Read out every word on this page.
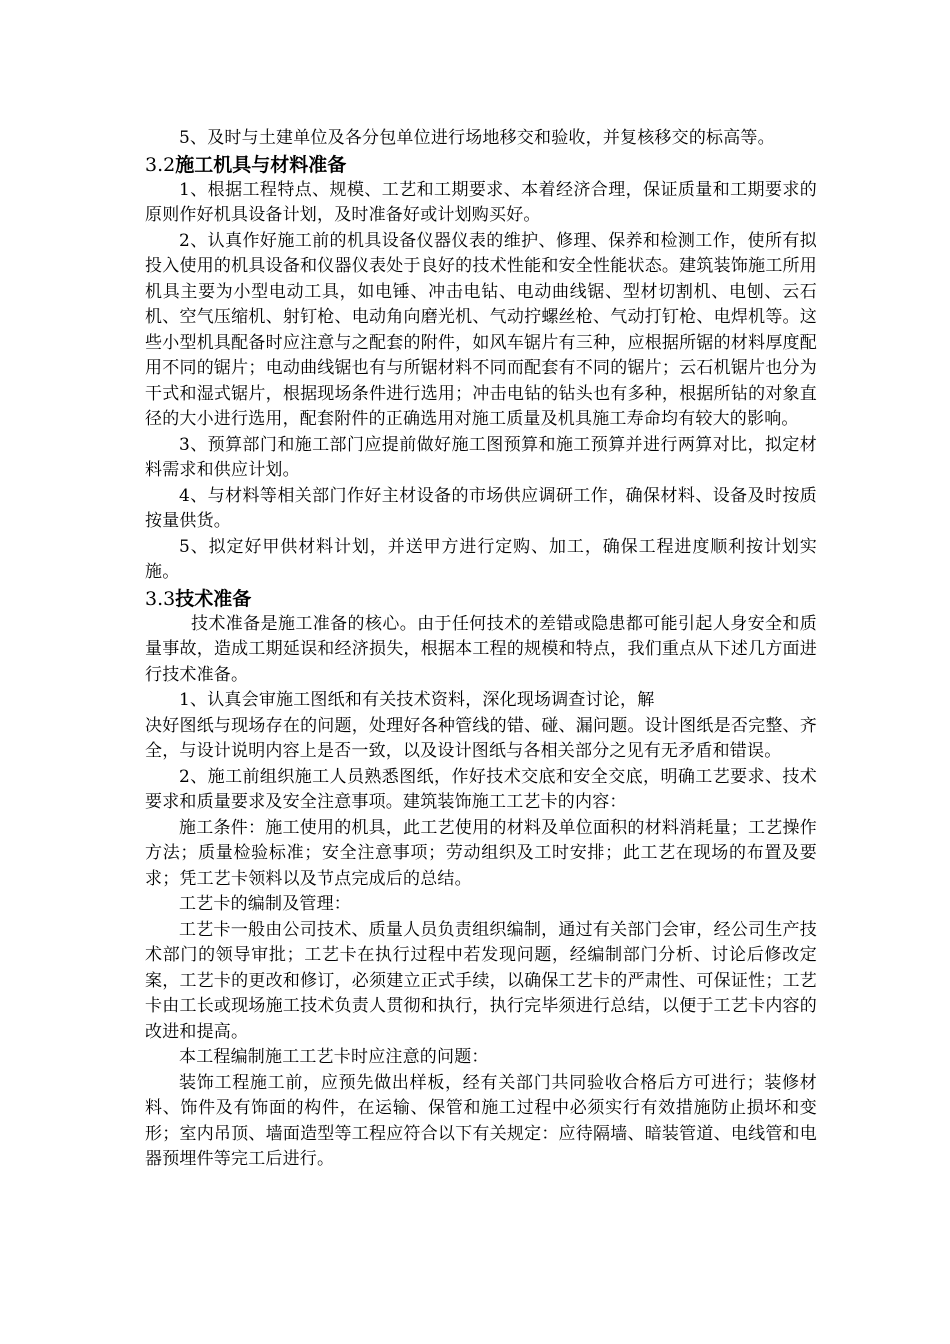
5、及时与土建单位及各分包单位进行场地移交和验收，并复核移交的标高等。

3.2施工机具与材料准备

1、根据工程特点、规模、工艺和工期要求、本着经济合理，保证质量和工期要求的原则作好机具设备计划，及时准备好或计划购买好。

2、认真作好施工前的机具设备仪器仪表的维护、修理、保养和检测工作，使所有拟投入使用的机具设备和仪器仪表处于良好的技术性能和安全性能状态。建筑装饰施工所用机具主要为小型电动工具，如电锤、冲击电钻、电动曲线锯、型材切割机、电刨、云石机、空气压缩机、射钉枪、电动角向磨光机、气动拧螺丝枪、气动打钉枪、电焊机等。这些小型机具配备时应注意与之配套的附件，如风车锯片有三种，应根据所锯的材料厚度配用不同的锯片；电动曲线锯也有与所锯材料不同而配套有不同的锯片；云石机锯片也分为干式和湿式锯片，根据现场条件进行选用；冲击电钻的钻头也有多种，根据所钻的对象直径的大小进行选用，配套附件的正确选用对施工质量及机具施工寿命均有较大的影响。

3、预算部门和施工部门应提前做好施工图预算和施工预算并进行两算对比，拟定材料需求和供应计划。

4、与材料等相关部门作好主材设备的市场供应调研工作，确保材料、设备及时按质按量供货。

5、拟定好甲供材料计划，并送甲方进行定购、加工，确保工程进度顺利按计划实施。

3.3技术准备

技术准备是施工准备的核心。由于任何技术的差错或隐患都可能引起人身安全和质量事故，造成工期延误和经济损失，根据本工程的规模和特点，我们重点从下述几方面进行技术准备。

1、认真会审施工图纸和有关技术资料，深化现场调查讨论，解

决好图纸与现场存在的问题，处理好各种管线的错、碰、漏问题。设计图纸是否完整、齐全，与设计说明内容上是否一致，以及设计图纸与各相关部分之见有无矛盾和错误。

2、施工前组织施工人员熟悉图纸，作好技术交底和安全交底，明确工艺要求、技术要求和质量要求及安全注意事项。建筑装饰施工工艺卡的内容：

施工条件：施工使用的机具，此工艺使用的材料及单位面积的材料消耗量；工艺操作方法；质量检验标准；安全注意事项；劳动组织及工时安排；此工艺在现场的布置及要求；凭工艺卡领料以及节点完成后的总结。

工艺卡的编制及管理：

工艺卡一般由公司技术、质量人员负责组织编制，通过有关部门会审，经公司生产技术部门的领导审批；工艺卡在执行过程中若发现问题，经编制部门分析、讨论后修改定案，工艺卡的更改和修订，必须建立正式手续，以确保工艺卡的严肃性、可保证性；工艺卡由工长或现场施工技术负责人贯彻和执行，执行完毕须进行总结，以便于工艺卡内容的改进和提高。

本工程编制施工工艺卡时应注意的问题：

装饰工程施工前，应预先做出样板，经有关部门共同验收合格后方可进行；装修材料、饰件及有饰面的构件，在运输、保管和施工过程中必须实行有效措施防止损坏和变形；室内吊顶、墙面造型等工程应符合以下有关规定：应待隔墙、暗装管道、电线管和电器预埋件等完工后进行。
